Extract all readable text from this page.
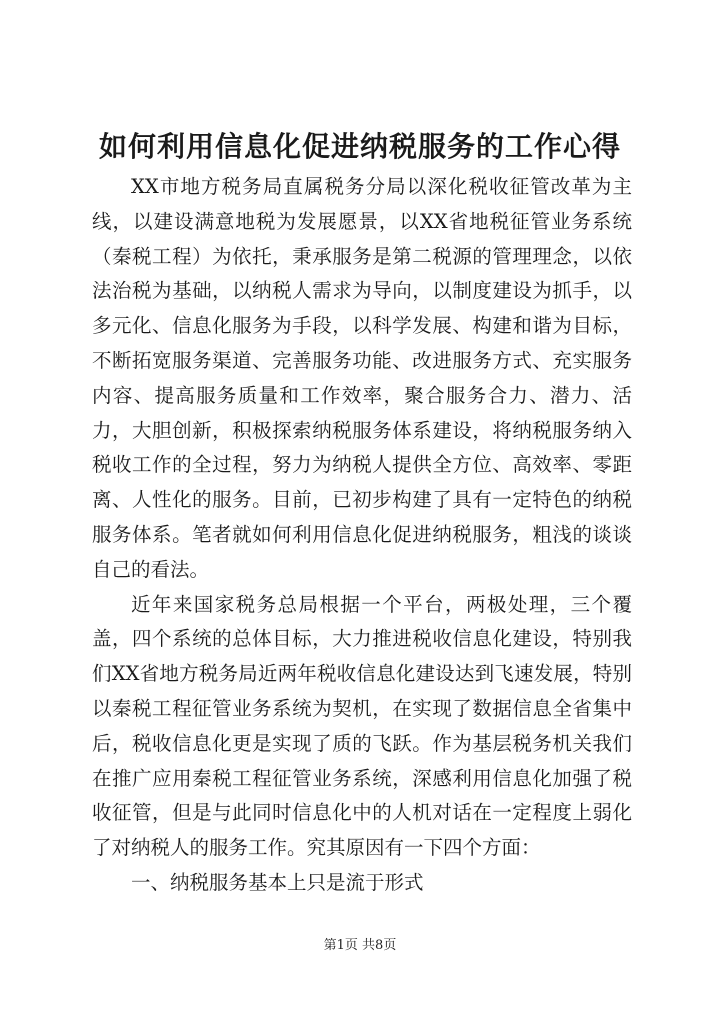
如何利用信息化促进纳税服务的工作心得

XX市地方税务局直属税务分局以深化税收征管改革为主线，以建设满意地税为发展愿景，以XX省地税征管业务系统（秦税工程）为依托，秉承服务是第二税源的管理理念，以依法治税为基础，以纳税人需求为导向，以制度建设为抓手，以多元化、信息化服务为手段，以科学发展、构建和谐为目标，不断拓宽服务渠道、完善服务功能、改进服务方式、充实服务内容、提高服务质量和工作效率，聚合服务合力、潜力、活力，大胆创新，积极探索纳税服务体系建设，将纳税服务纳入税收工作的全过程，努力为纳税人提供全方位、高效率、零距离、人性化的服务。目前，已初步构建了具有一定特色的纳税服务体系。笔者就如何利用信息化促进纳税服务，粗浅的谈谈自己的看法。

近年来国家税务总局根据一个平台，两极处理，三个覆盖，四个系统的总体目标，大力推进税收信息化建设，特别我们XX省地方税务局近两年税收信息化建设达到飞速发展，特别以秦税工程征管业务系统为契机，在实现了数据信息全省集中后，税收信息化更是实现了质的飞跃。作为基层税务机关我们在推广应用秦税工程征管业务系统，深感利用信息化加强了税收征管，但是与此同时信息化中的人机对话在一定程度上弱化了对纳税人的服务工作。究其原因有一下四个方面：

一、纳税服务基本上只是流于形式

第1页 共8页
